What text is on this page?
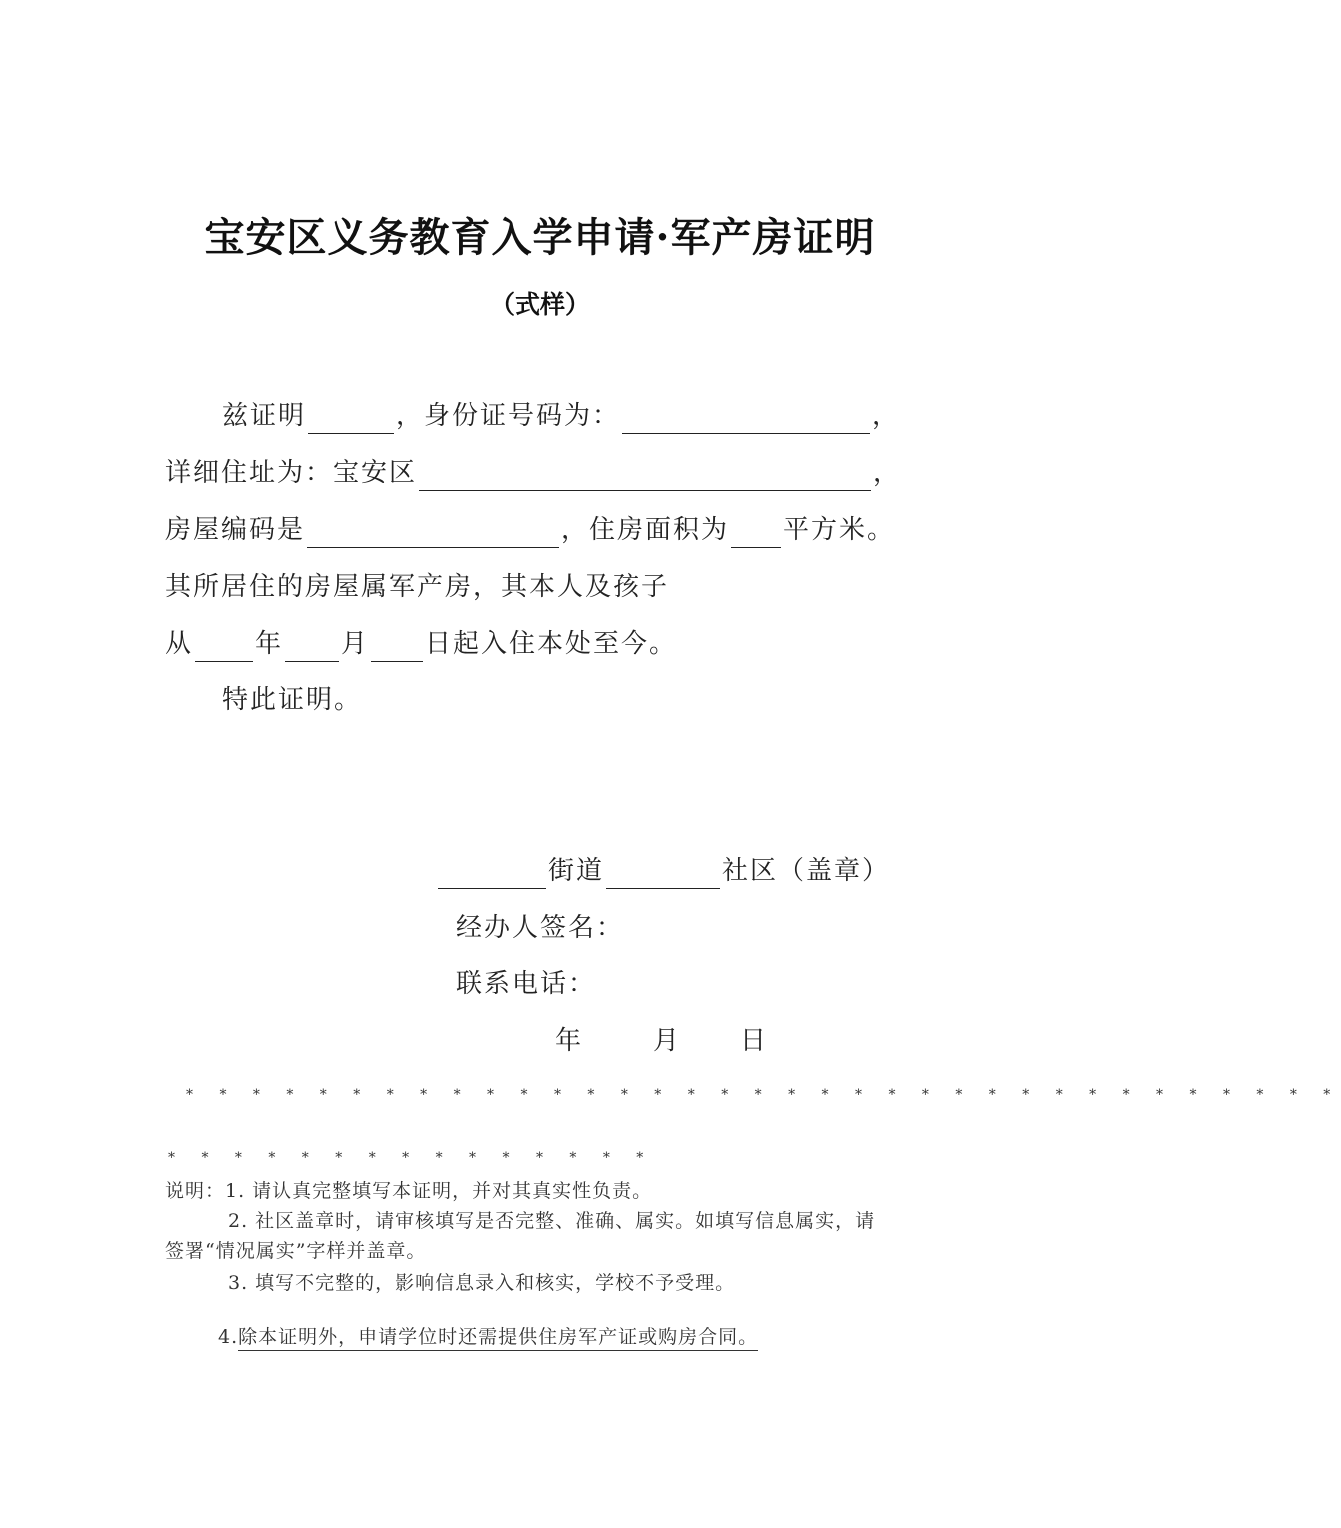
宝安区义务教育入学申请·军产房证明
（式样）
兹证明	，身份证号码为：	，
详细住址为：宝安区	，
房屋编码是	，住房面积为 平方米。
其所居住的房屋属军产房，其本人及孩子
从 年 月 日起入住本处至今。
特此证明。
街道	社区（盖章）
经办人签名：
联系电话：
年	月 日
* * * * * * * * * * * * * * * * * * * * * * * * * * * * * * * * * * *
* * * * * * * * * * * * * * *
说明：1. 请认真完整填写本证明，并对其真实性负责。
2. 社区盖章时，请审核填写是否完整、准确、属实。如填写信息属实，请
签署“情况属实”字样并盖章。
3. 填写不完整的，影响信息录入和核实，学校不予受理。
4.除本证明外，申请学位时还需提供住房军产证或购房合同。
